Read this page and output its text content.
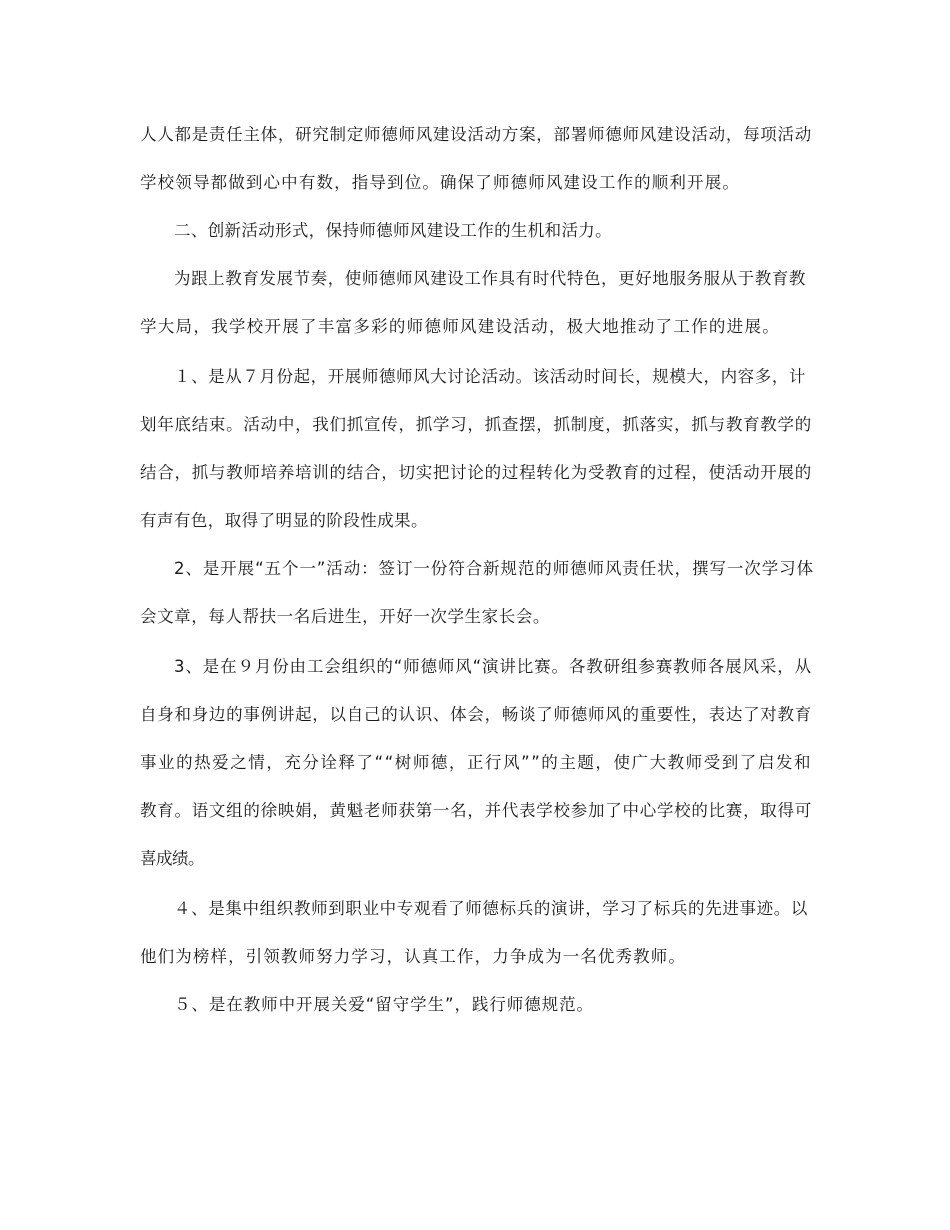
人人都是责任主体，研究制定师德师风建设活动方案，部署师德师风建设活动，每项活动
学校领导都做到心中有数，指导到位。确保了师德师风建设工作的顺利开展。
二、创新活动形式，保持师德师风建设工作的生机和活力。
为跟上教育发展节奏，使师德师风建设工作具有时代特色，更好地服务服从于教育教
学大局，我学校开展了丰富多彩的师德师风建设活动，极大地推动了工作的进展。
１、是从７月份起，开展师德师风大讨论活动。该活动时间长，规模大，内容多，计
划年底结束。活动中，我们抓宣传，抓学习，抓查摆，抓制度，抓落实，抓与教育教学的
结合，抓与教师培养培训的结合，切实把讨论的过程转化为受教育的过程，使活动开展的
有声有色，取得了明显的阶段性成果。
2、是开展“五个一”活动：签订一份符合新规范的师德师风责任状，撰写一次学习体
会文章，每人帮扶一名后进生，开好一次学生家长会。
3、是在９月份由工会组织的“师德师风“演讲比赛。各教研组参赛教师各展风采，从
自身和身边的事例讲起，以自己的认识、体会，畅谈了师德师风的重要性，表达了对教育
事业的热爱之情，充分诠释了““树师德，正行风””的主题，使广大教师受到了启发和
教育。语文组的徐映娟，黄魁老师获第一名，并代表学校参加了中心学校的比赛，取得可
喜成绩。
４、是集中组织教师到职业中专观看了师德标兵的演讲，学习了标兵的先进事迹。以
他们为榜样，引领教师努力学习，认真工作，力争成为一名优秀教师。
５、是在教师中开展关爱“留守学生”，践行师德规范。
